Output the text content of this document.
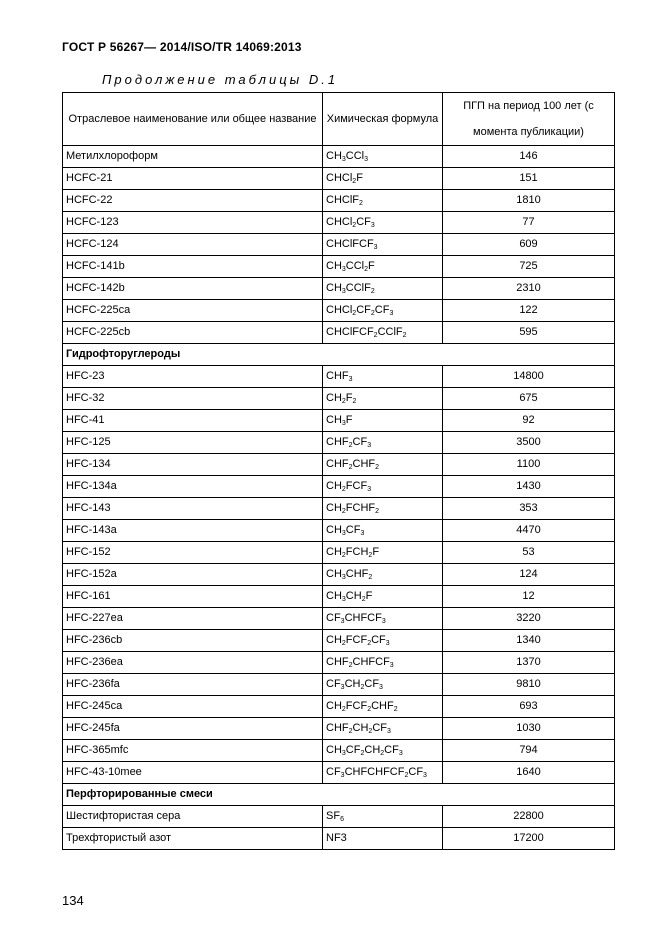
ГОСТ Р 56267— 2014/ISO/TR 14069:2013
Продолжение таблицы D.1
Отраслевое наименование или общее название	Химическая формула	ПГП на период 100 лет (с момента публикации)
Метилхлороформ	$CH_3CCl_3$	146
HCFC-21	CHCl$_2$F	151
HCFC-22	CHClF$_2$	1810
HCFC-123	$CHCl_2CF_3$	77
HCFC-124	CHClFCF$_3$	609
HCFC-141b	$CH_3CCl_2F$	725
HCFC-142b	$CH_3CClF_2$	2310
HCFC-225ca	$CHCl_2CF_2CF_3$	122
HCFC-225cb	CHClFCF$_2$CClF$_2$	595
Гидрофторуглероды		
HFC-23	$CHF_3$	14800
HFC-32	$CH_2F_2$	675
HFC-41	$CH_3F$	92
HFC-125	$CHF_2CF_3$	3500
HFC-134	$CHF_2CHF_2$	1100
HFC-134a	$CH_2FCF_3$	1430
HFC-143	$CH_2FCHF_2$	353
HFC-143a	$CH_3CF_3$	4470
HFC-152	$CH_2FCH_2F$	53
HFC-152a	$CH_3CHF_2$	124
HFC-161	$CH_3CH_2F$	12
HFC-227ea	$CF_3CHFCF_3$	3220
HFC-236cb	$CH_2FCF_2CF_3$	1340
HFC-236ea	$CHF_2CHFCF_3$	1370
HFC-236fa	$CF_3CH_2CF_3$	9810
HFC-245ca	$CH_2FCF_2CHF_2$	693
HFC-245fa	$CHF_2CH_2CF_3$	1030
HFC-365mfc	$CH_3CF_2CH_2CF_3$	794
HFC-43-10mee	$CF_3CHFCHFCF_2CF_3$	1640
Перфторированные смеси		
Шестифтористая сера	$SF_6$	22800
Трехфтористый азот	NF3	17200
134
